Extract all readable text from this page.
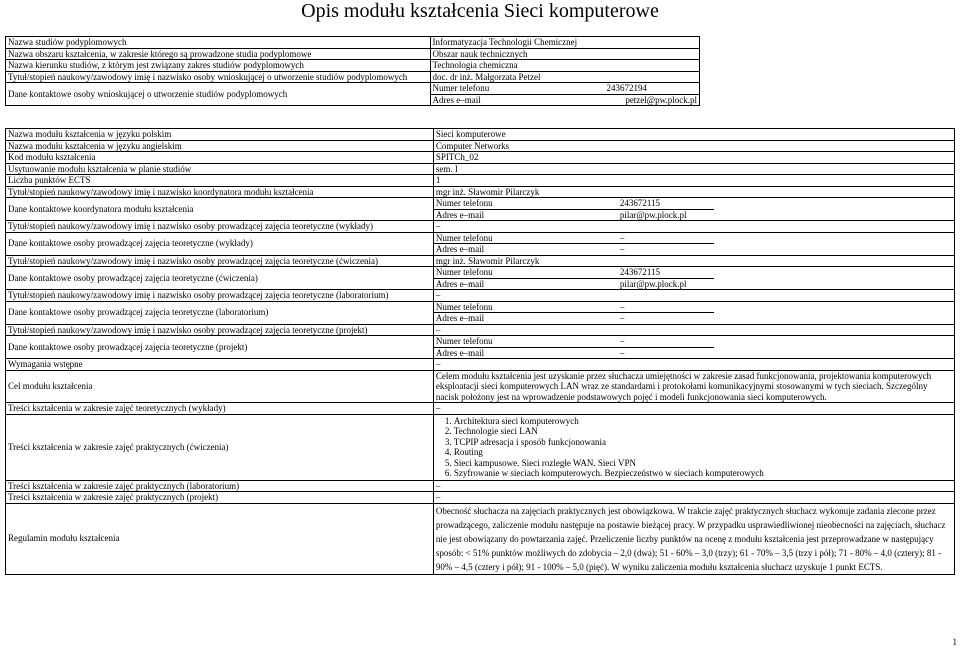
Opis modułu kształcenia Sieci komputerowe
Nazwa studiów podyplomowych	Informatyzacja Technologii Chemicznej
Nazwa obszaru kształcenia, w zakresie którego są prowadzone studia podyplomowe	Obszar nauk technicznych
Nazwa kierunku studiów, z którym jest związany zakres studiów podyplomowych	Technologia chemiczna
Tytuł/stopień naukowy/zawodowy imię i nazwisko osoby wnioskującej o utworzenie studiów podyplomowych	doc. dr inż. Małgorzata Petzel
Dane kontaktowe osoby wnioskującej o utworzenie studiów podyplomowych	
Numer telefonu	243672194
Adres e–mail	petzel@pw.plock.pl
Nazwa modułu kształcenia w języku polskim	Sieci komputerowe
Nazwa modułu kształcenia w języku angielskim	Computer Networks
Kod modułu kształcenia	SPITCh_02
Usytuowanie modułu kształcenia w planie studiów	sem. I
Liczba punktów ECTS	1
Tytuł/stopień naukowy/zawodowy imię i nazwisko koordynatora modułu kształcenia	mgr inż. Sławomir Pilarczyk
Dane kontaktowe koordynatora modułu kształcenia	
Numer telefonu	243672115
Adres e–mail	pilar@pw.plock.pl

Tytuł/stopień naukowy/zawodowy imię i nazwisko osoby prowadzącej zajęcia teoretyczne (wykłady)	–
Dane kontaktowe osoby prowadzącej zajęcia teoretyczne (wykłady)	
Numer telefonu	–
Adres e–mail	–

Tytuł/stopień naukowy/zawodowy imię i nazwisko osoby prowadzącej zajęcia teoretyczne (ćwiczenia)	mgr inż. Sławomir Pilarczyk
Dane kontaktowe osoby prowadzącej zajęcia teoretyczne (ćwiczenia)	
Numer telefonu	243672115
Adres e–mail	pilar@pw.plock.pl

Tytuł/stopień naukowy/zawodowy imię i nazwisko osoby prowadzącej zajęcia teoretyczne (laboratorium)	–
Dane kontaktowe osoby prowadzącej zajęcia teoretyczne (laboratorium)	
Numer telefonu	–
Adres e–mail	–

Tytuł/stopień naukowy/zawodowy imię i nazwisko osoby prowadzącej zajęcia teoretyczne (projekt)	–
Dane kontaktowe osoby prowadzącej zajęcia teoretyczne (projekt)	
Numer telefonu	–
Adres e–mail	–

Wymagania wstępne	–
Cel modułu kształcenia	Celem modułu kształcenia jest uzyskanie przez słuchacza umiejętności w zakresie zasad funkcjonowania, projektowania komputerowych eksploatacji sieci komputerowych LAN wraz ze standardami i protokołami komunikacyjnymi stosowanymi w tych sieciach. Szczególny nacisk położony jest na wprowadzenie podstawowych pojęć i modeli funkcjonowania sieci komputerowych.
Treści kształcenia w zakresie zajęć teoretycznych (wykłady)	–
Treści kształcenia w zakresie zajęć praktycznych (ćwiczenia)	
1. Architektura sieci komputerowych
2. Technologie sieci LAN
3. TCPIP adresacja i sposób funkcjonowania
4. Routing
5. Sieci kampusowe. Sieci rozległe WAN. Sieci VPN
6. Szyfrowanie w sieciach komputerowych. Bezpieczeństwo w sieciach komputerowych

Treści kształcenia w zakresie zajęć praktycznych (laboratorium)	–
Treści kształcenia w zakresie zajęć praktycznych (projekt)	–
Regulamin modułu kształcenia	Obecność słuchacza na zajęciach praktycznych jest obowiązkowa. W trakcie zajęć praktycznych słuchacz wykonuje zadania zlecone przez prowadzącego, zaliczenie modułu następuje na postawie bieżącej pracy. W przypadku usprawiedliwionej nieobecności na zajęciach, słuchacz nie jest obowiązany do powtarzania zajęć. Przeliczenie liczby punktów na ocenę z modułu kształcenia jest przeprowadzane w następujący sposób: < 51% punktów możliwych do zdobycia – 2,0 (dwa); 51 - 60% – 3,0 (trzy); 61 - 70% – 3,5 (trzy i pół); 71 - 80% – 4,0 (cztery); 81 - 90% – 4,5 (cztery i pół); 91 - 100% – 5,0 (pięć). W wyniku zaliczenia modułu kształcenia słuchacz uzyskuje 1 punkt ECTS.
1
